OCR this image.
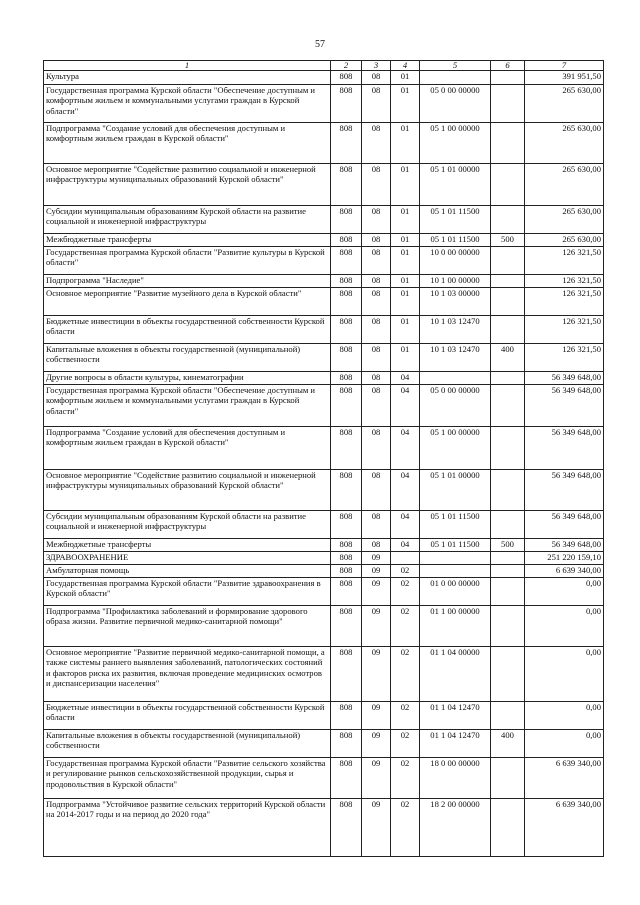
57
1	2	3	4	5	6	7
Культура	808	08	01			391 951,50
Государственная программа Курской области "Обеспечение доступным и комфортным жильем и коммунальными услугами граждан в Курской области"	808	08	01	05 0 00 00000		265 630,00
Подпрограмма "Создание условий для обеспечения доступным и комфортным жильем граждан в Курской области"	808	08	01	05 1 00 00000		265 630,00
Основное мероприятие "Содействие развитию социальной и инженерной инфраструктуры муниципальных образований Курской области"	808	08	01	05 1 01 00000		265 630,00
Субсидии муниципальным образованиям Курской области на развитие социальной и инженерной инфраструктуры	808	08	01	05 1 01 11500		265 630,00
Межбюджетные трансферты	808	08	01	05 1 01 11500	500	265 630,00
Государственная программа Курской области "Развитие культуры в Курской области"	808	08	01	10 0 00 00000		126 321,50
Подпрограмма "Наследие"	808	08	01	10 1 00 00000		126 321,50
Основное мероприятие "Развитие музейного дела в Курской области"	808	08	01	10 1 03 00000		126 321,50
Бюджетные инвестиции в объекты государственной собственности Курской области	808	08	01	10 1 03 12470		126 321,50
Капитальные вложения в объекты государственной (муниципальной) собственности	808	08	01	10 1 03 12470	400	126 321,50
Другие вопросы в области культуры, кинематографии	808	08	04			56 349 648,00
Государственная программа Курской области "Обеспечение доступным и комфортным жильем и коммунальными услугами граждан в Курской области"	808	08	04	05 0 00 00000		56 349 648,00
Подпрограмма "Создание условий для обеспечения доступным и комфортным жильем граждан в Курской области"	808	08	04	05 1 00 00000		56 349 648,00
Основное мероприятие "Содействие развитию социальной и инженерной инфраструктуры муниципальных образований Курской области"	808	08	04	05 1 01 00000		56 349 648,00
Субсидии муниципальным образованиям Курской области на развитие социальной и инженерной инфраструктуры	808	08	04	05 1 01 11500		56 349 648,00
Межбюджетные трансферты	808	08	04	05 1 01 11500	500	56 349 648,00
ЗДРАВООХРАНЕНИЕ	808	09				251 220 159,10
Амбулаторная помощь	808	09	02			6 639 340,00
Государственная программа Курской области "Развитие здравоохранения в Курской области"	808	09	02	01 0 00 00000		0,00
Подпрограмма "Профилактика заболеваний и формирование здорового образа жизни. Развитие первичной медико-санитарной помощи"	808	09	02	01 1 00 00000		0,00
Основное мероприятие "Развитие первичной медико-санитарной помощи, а также системы раннего выявления заболеваний, патологических состояний и факторов риска их развития, включая проведение медицинских осмотров и диспансеризации населения"	808	09	02	01 1 04 00000		0,00
Бюджетные инвестиции в объекты государственной собственности Курской области	808	09	02	01 1 04 12470		0,00
Капитальные вложения в объекты государственной (муниципальной) собственности	808	09	02	01 1 04 12470	400	0,00
Государственная программа Курской области "Развитие сельского хозяйства и регулирование рынков сельскохозяйственной продукции, сырья и продовольствия в Курской области"	808	09	02	18 0 00 00000		6 639 340,00
Подпрограмма "Устойчивое развитие сельских территорий Курской области на 2014-2017 годы и на период до 2020 года"	808	09	02	18 2 00 00000		6 639 340,00
